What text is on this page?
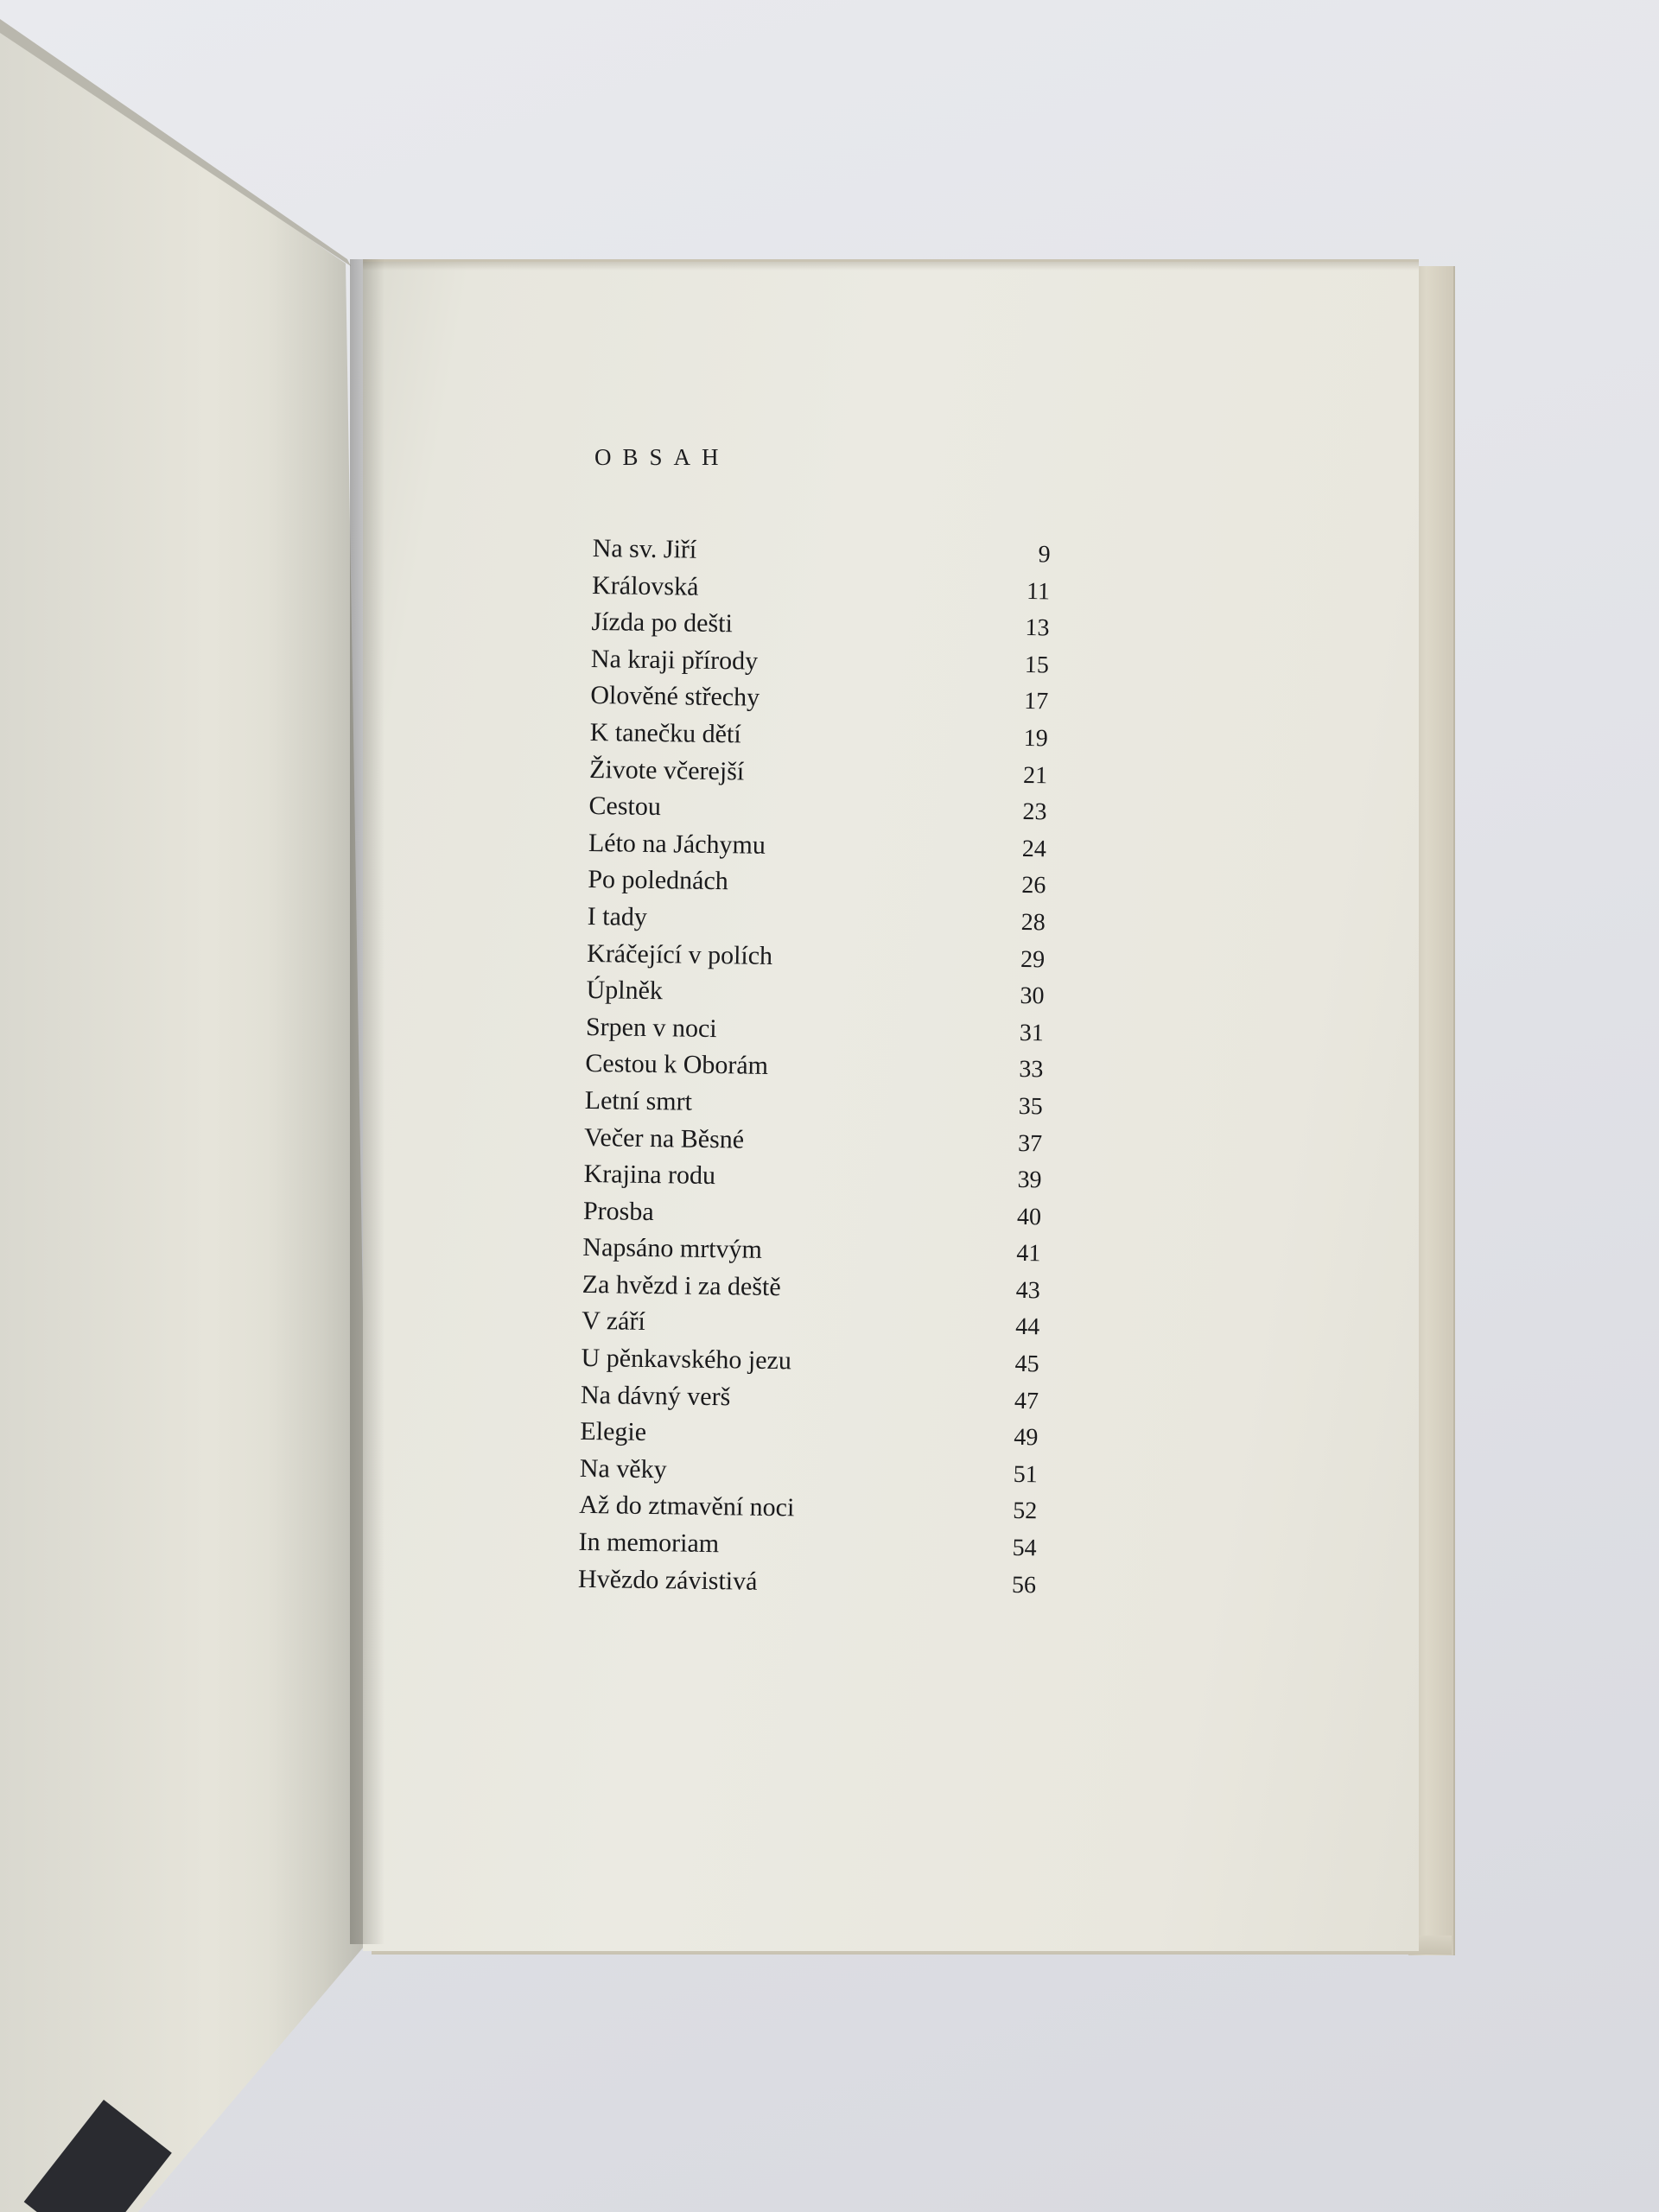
OBSAH
Na sv. Jiří	9
Královská	11
Jízda po dešti	13
Na kraji přírody	15
Olověné střechy	17
K tanečku dětí	19
Živote včerejší	21
Cestou	23
Léto na Jáchymu	24
Po polednách	26
I tady	28
Kráčející v polích	29
Úplněk	30
Srpen v noci	31
Cestou k Oborám	33
Letní smrt	35
Večer na Běsné	37
Krajina rodu	39
Prosba	40
Napsáno mrtvým	41
Za hvězd i za deště	43
V září	44
U pěnkavského jezu	45
Na dávný verš	47
Elegie	49
Na věky	51
Až do ztmavění noci	52
In memoriam	54
Hvězdo závistivá	56
